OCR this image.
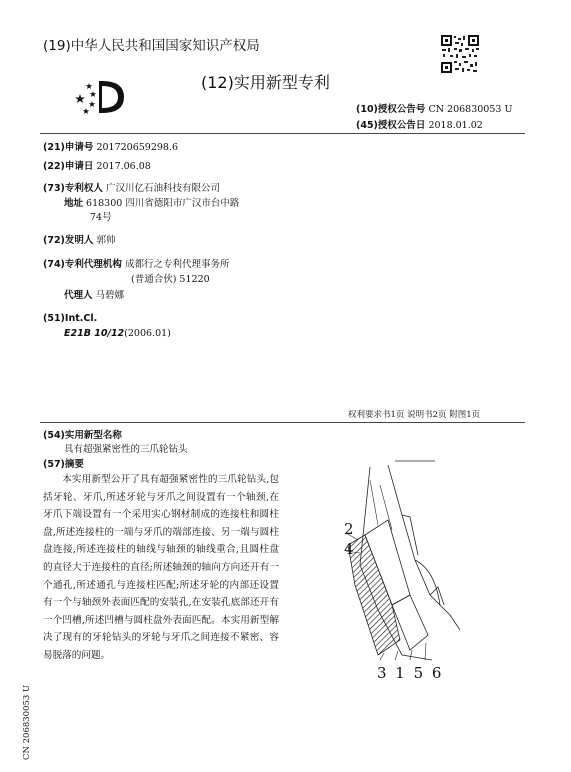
(19)中华人民共和国国家知识产权局
(12)实用新型专利
(10)授权公告号 CN 206830053 U
(45)授权公告日 2018.01.02
(21)申请号 201720659298.6
(22)申请日 2017.06.08
(73)专利权人 广汉川亿石油科技有限公司
地址 618300 四川省德阳市广汉市台中路
74号
(72)发明人 郭帅
(74)专利代理机构 成都行之专利代理事务所
(普通合伙) 51220
代理人 马碧娜
(51)Int.Cl.
E21B 10/12(2006.01)
权利要求书1页 说明书2页 附图1页
(54)实用新型名称
具有超强紧密性的三爪轮钻头
(57)摘要
本实用新型公开了具有超强紧密性的三爪轮钻头,包括牙轮、牙爪,所述牙轮与牙爪之间设置有一个轴颈,在牙爪下端设置有一个采用实心钢材制成的连接柱和圆柱盘,所述连接柱的一端与牙爪的端部连接、另一端与圆柱盘连接,所述连接柱的轴线与轴颈的轴线重合,且圆柱盘的直径大于连接柱的直径;所述轴颈的轴向方向还开有一个通孔,所述通孔与连接柱匹配;所述牙轮的内部还设置有一个与轴颈外表面匹配的安装孔,在安装孔底部还开有一个凹槽,所述凹槽与圆柱盘外表面匹配。本实用新型解决了现有的牙轮钻头的牙轮与牙爪之间连接不紧密、容易脱落的问题。
2
4
3 1 5 6
CN 206830053 U
